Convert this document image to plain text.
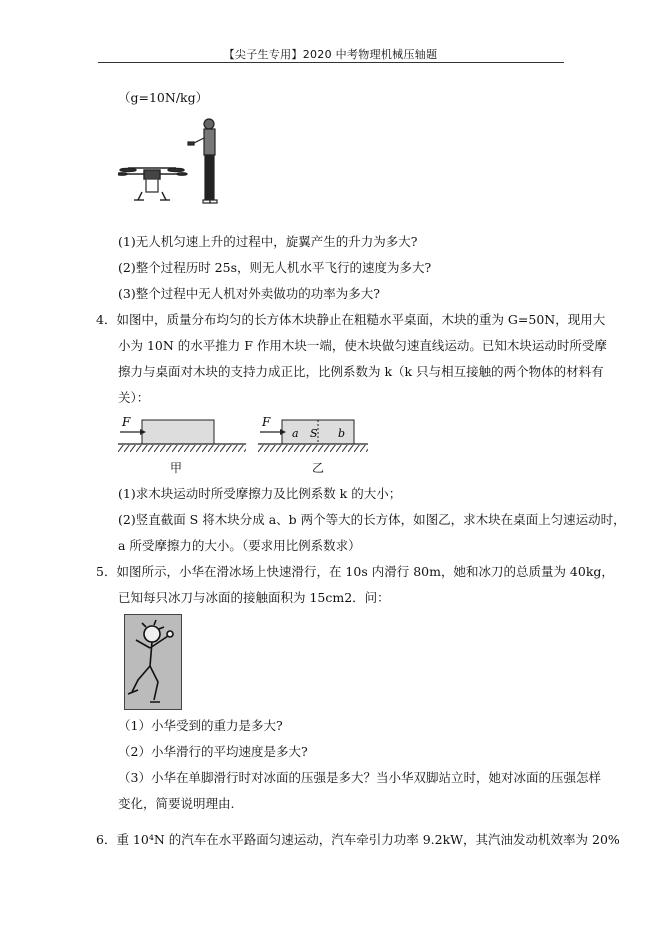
【尖子生专用】2020 中考物理机械压轴题
（g=10N/kg）
(1)无人机匀速上升的过程中，旋翼产生的升力为多大?
(2)整个过程历时 25s，则无人机水平飞行的速度为多大?
(3)整个过程中无人机对外卖做功的功率为多大?
4．如图中，质量分布均匀的长方体木块静止在粗糙水平桌面，木块的重为 G=50N，现用大
小为 10N 的水平推力 F 作用木块一端，使木块做匀速直线运动。已知木块运动时所受摩
擦力与桌面对木块的支持力成正比，比例系数为 k（k 只与相互接触的两个物体的材料有
关）：
F
甲
F
a S b
乙
(1)求木块运动时所受摩擦力及比例系数 k 的大小；
(2)竖直截面 S 将木块分成 a、b 两个等大的长方体，如图乙，求木块在桌面上匀速运动时，
a 所受摩擦力的大小。（要求用比例系数求）
5．如图所示，小华在滑冰场上快速滑行，在 10s 内滑行 80m，她和冰刀的总质量为 40kg，
已知每只冰刀与冰面的接触面积为 15cm2．问：
（1）小华受到的重力是多大?
（2）小华滑行的平均速度是多大?
（3）小华在单脚滑行时对冰面的压强是多大？当小华双脚站立时，她对冰面的压强怎样
变化，简要说明理由.
6．重 10⁴N 的汽车在水平路面匀速运动，汽车牵引力功率 9.2kW，其汽油发动机效率为 20%
